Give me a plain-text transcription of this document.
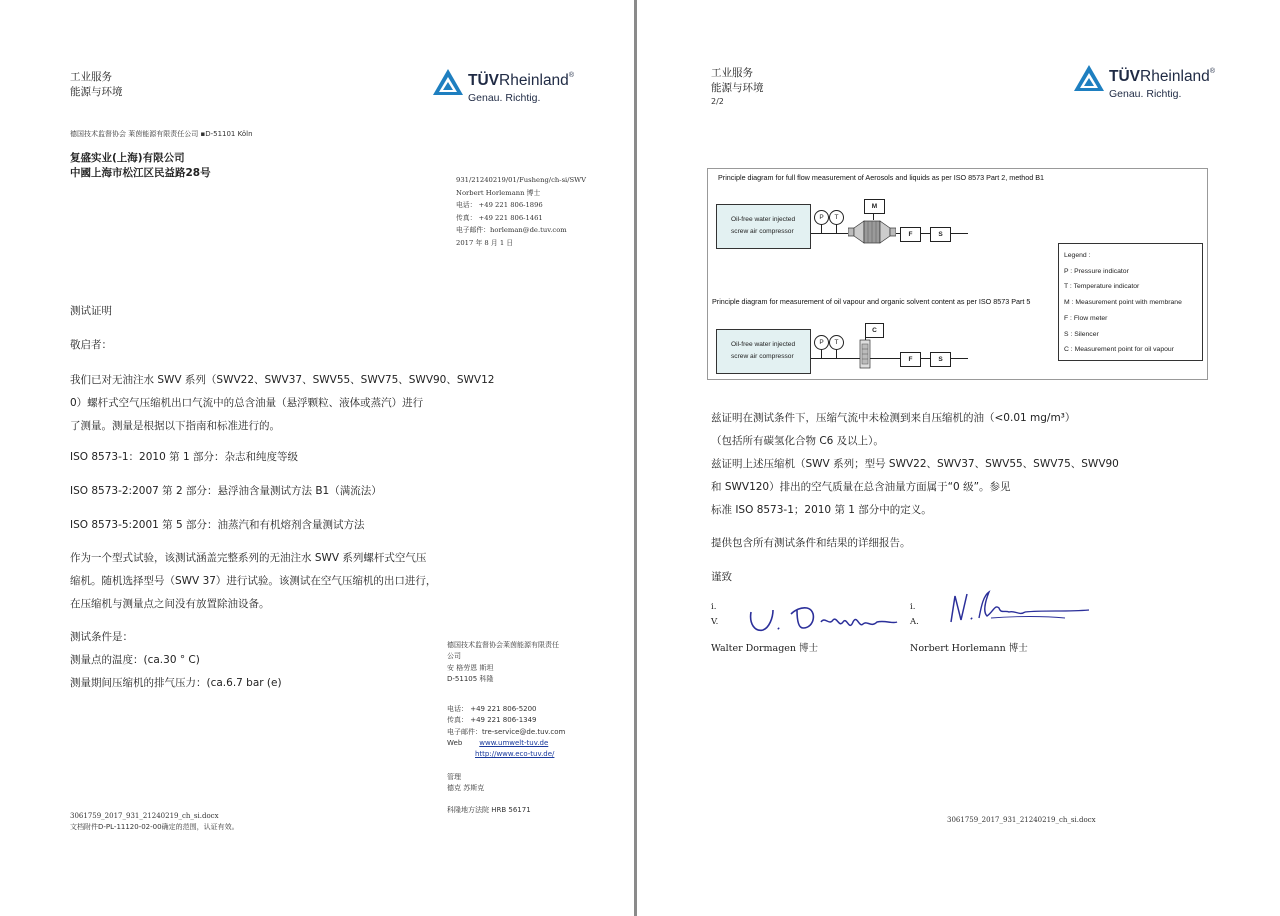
工业服务
能源与环境
TÜVRheinland®
Genau. Richtig.
德国技术监督协会 莱茵能源有限责任公司 ▪D-51101 Köln
复盛实业(上海)有限公司
中國上海市松江区民益路28号
931/21240219/01/Fusheng/ch-si/SWV
Norbert Horlemann 博士
电话： +49 221 806-1896
传真： +49 221 806-1461
电子邮件：horleman@de.tuv.com
2017 年 8 月 1 日
测试证明
敬启者：
我们已对无油注水 SWV 系列（SWV22、SWV37、SWV55、SWV75、SWV90、SWV12
0）螺杆式空气压缩机出口气流中的总含油量（悬浮颗粒、液体或蒸汽）进行
了测量。测量是根据以下指南和标准进行的。
ISO 8573-1：2010 第 1 部分：杂志和纯度等级
ISO 8573-2:2007 第 2 部分：悬浮油含量测试方法 B1（满流法）
ISO 8573-5:2001 第 5 部分：油蒸汽和有机熔剂含量测试方法
作为一个型式试验，该测试涵盖完整系列的无油注水 SWV 系列螺杆式空气压
缩机。随机选择型号（SWV 37）进行试验。该测试在空气压缩机的出口进行，
在压缩机与测量点之间没有放置除油设备。
测试条件是：
测量点的温度：(ca.30 ° C)
测量期间压缩机的排气压力：(ca.6.7 bar (e)
德国技术监督协会莱茵能源有限责任
公司
安 格劳恩 斯坦
D-51105 科隆
电话： +49 221 806-5200
传真： +49 221 806-1349
电子邮件：tre-service@de.tuv.com
Web www.umwelt-tuv.de
http://www.eco-tuv.de/
管理
德克 苏斯克
科隆地方法院 HRB 56171
3061759_2017_931_21240219_ch_si.docx
文档附件D-PL-11120-02-00确定的范围，认证有效。
工业服务
能源与环境
2/2
TÜVRheinland®
Genau. Richtig.
Principle diagram for full flow measurement of Aerosols and liquids as per ISO 8573 Part 2, method B1
Oil-free water injected
screw air compressor
P	T
M
F	S
Principle diagram for measurement of oil vapour and organic solvent content as per ISO 8573 Part 5
Oil-free water injected
screw air compressor
P	T
C
F	S
Legend :
P : Pressure indicator
T : Temperature indicator
M : Measurement point with membrane
F : Flow meter
S : Silencer
C : Measurement point for oil vapour
兹证明在测试条件下，压缩气流中未检测到来自压缩机的油（<0.01 mg/m³）
（包括所有碳氢化合物 C6 及以上）。
兹证明上述压缩机（SWV 系列；型号 SWV22、SWV37、SWV55、SWV75、SWV90
和 SWV120）排出的空气质量在总含油量方面属于“0 级”。参见
标准 ISO 8573-1；2010 第 1 部分中的定义。
提供包含所有测试条件和结果的详细报告。
谨致
i.
V.
Walter Dormagen 博士
i.
A.
Norbert Horlemann 博士
3061759_2017_931_21240219_ch_si.docx
